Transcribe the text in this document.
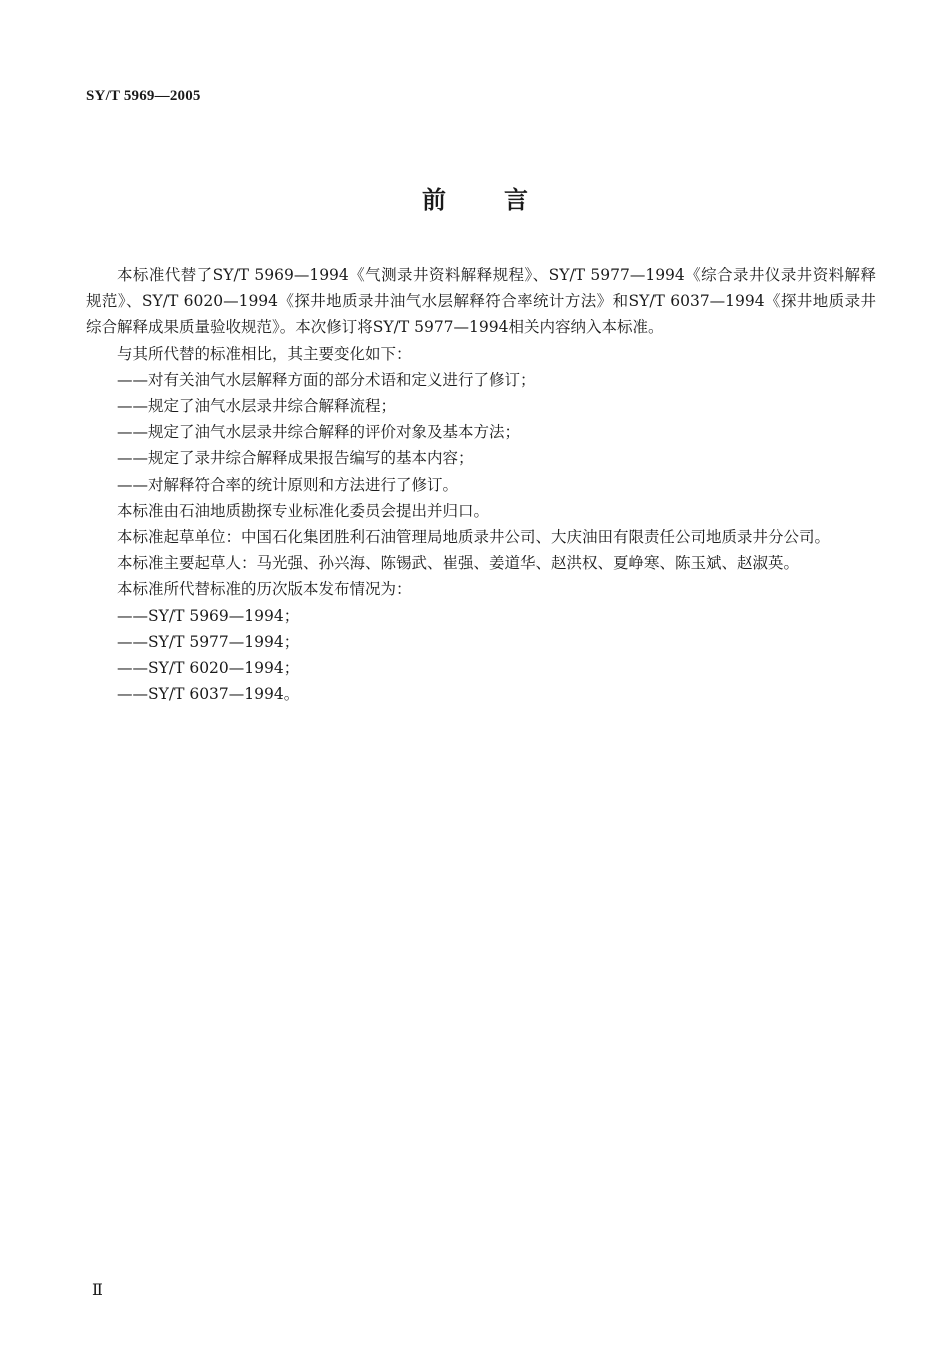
SY/T 5969—2005
前言

本标准代替了SY/T 5969—1994《气测录井资料解释规程》、SY/T 5977—1994《综合录井仪录井资料解释规范》、SY/T 6020—1994《探井地质录井油气水层解释符合率统计方法》和SY/T 6037—1994《探井地质录井综合解释成果质量验收规范》。本次修订将SY/T 5977—1994相关内容纳入本标准。

与其所代替的标准相比，其主要变化如下：

——对有关油气水层解释方面的部分术语和定义进行了修订；

——规定了油气水层录井综合解释流程；

——规定了油气水层录井综合解释的评价对象及基本方法；

——规定了录井综合解释成果报告编写的基本内容；

——对解释符合率的统计原则和方法进行了修订。

本标准由石油地质勘探专业标准化委员会提出并归口。

本标准起草单位：中国石化集团胜利石油管理局地质录井公司、大庆油田有限责任公司地质录井分公司。

本标准主要起草人：马光强、孙兴海、陈锡武、崔强、姜道华、赵洪权、夏峥寒、陈玉斌、赵淑英。

本标准所代替标准的历次版本发布情况为：

——SY/T 5969—1994；

——SY/T 5977—1994；

——SY/T 6020—1994；

——SY/T 6037—1994。

Ⅱ
